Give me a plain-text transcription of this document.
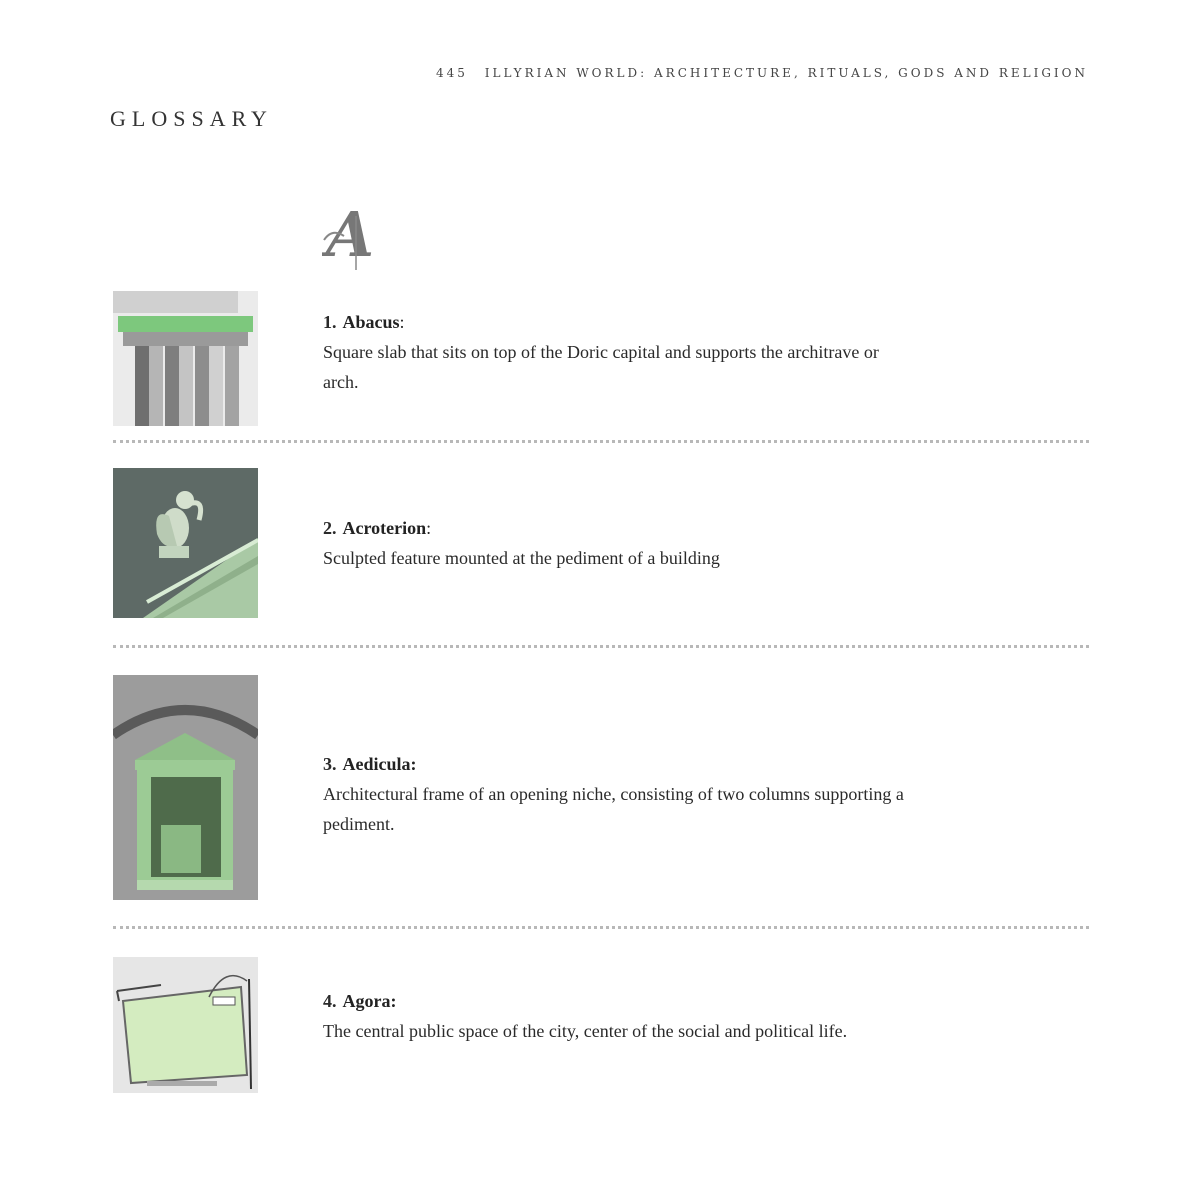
445 ILLYRIAN WORLD: ARCHITECTURE, RITUALS, GODS AND RELIGION
GLOSSARY
A
1. Abacus:
Square slab that sits on top of the Doric capital and supports the architrave or arch.
2. Acroterion:
Sculpted feature mounted at the pediment of a building
3. Aedicula:
Architectural frame of an opening niche, consisting of two columns supporting a pediment.
4. Agora:
The central public space of the city, center of the social and political life.
